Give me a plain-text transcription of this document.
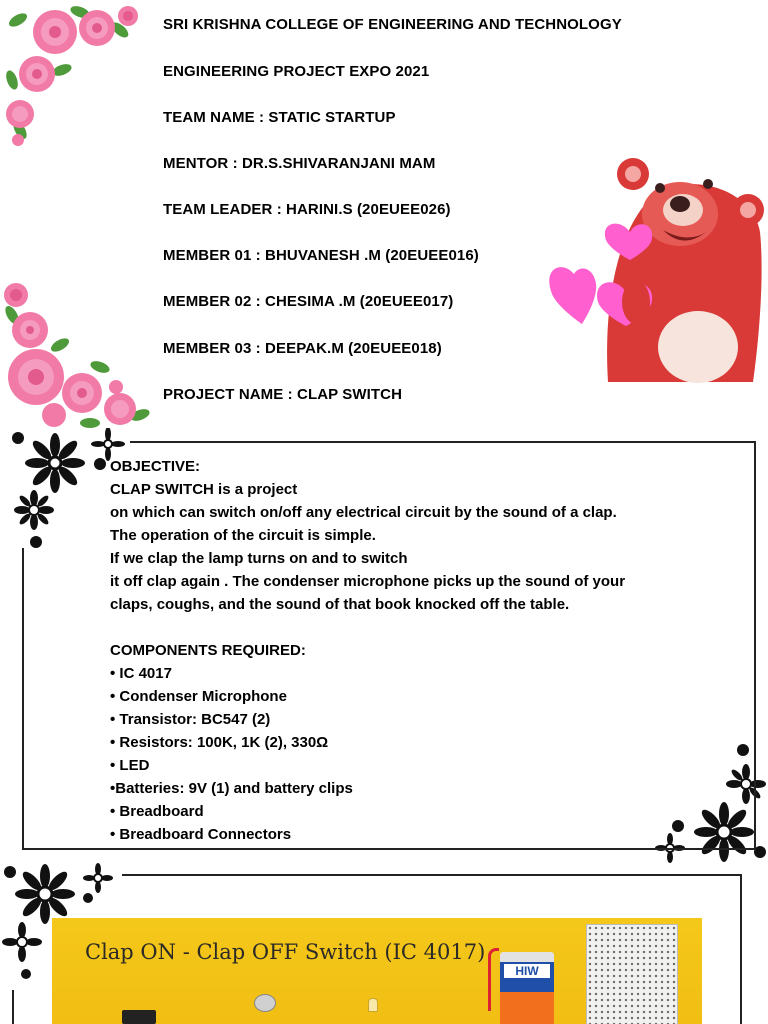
SRI KRISHNA COLLEGE OF ENGINEERING AND TECHNOLOGY
ENGINEERING PROJECT EXPO 2021
TEAM NAME : STATIC STARTUP
MENTOR : DR.S.SHIVARANJANI MAM
TEAM LEADER : HARINI.S (20EUEE026)
MEMBER 01 : BHUVANESH .M (20EUEE016)
MEMBER 02 : CHESIMA .M (20EUEE017)
MEMBER 03 : DEEPAK.M (20EUEE018)
PROJECT NAME : CLAP SWITCH
OBJECTIVE:
CLAP SWITCH is a project
on which can switch on/off any electrical circuit by the sound of a clap.
The operation of the circuit is simple.
If we clap the lamp turns on and to switch
it off clap again . The condenser microphone picks up the sound of your
claps, coughs, and the sound of that book knocked off the table.
COMPONENTS REQUIRED:
• IC 4017
• Condenser Microphone
• Transistor: BC547 (2)
• Resistors: 100K, 1K (2), 330Ω
• LED
•Batteries: 9V (1) and battery clips
• Breadboard
• Breadboard Connectors
Clap ON - Clap OFF Switch (IC 4017)
HIW
